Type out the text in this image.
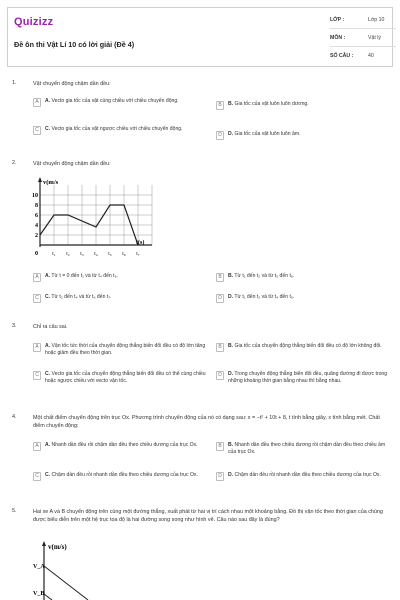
Quizizz
Đề ôn thi Vật Lí 10 có lời giải (Đề 4)
LỚP :	Lớp 10
MÔN :	Vật lý
SỐ CÂU :	40
1.	Vật chuyển động chậm dần đều:
A	A. Vecto gia tốc của vật cùng chiều với chiều chuyển động.
B	B. Gia tốc của vật luôn luôn dương.
C	C. Vecto gia tốc của vật ngược chiều với chiều chuyển động.
D	D. Gia tốc của vật luôn luôn âm.
2.	Vật chuyển động chậm dần đều:
v(m/s
t(s)
10
8
6
4
2
0	t₁ t₂ t₃ t₄ t₅ t₆ t₇
A	A. Từ t = 0 đến t₁ và từ t₄ đến t₅.	B	B. Từ t₁ đến t₂ và từ t₅ đến t₆.
C	C. Từ t₂ đến t₄ và từ t₆ đến t₇.	D	D. Từ t₁ đến t₂ và từ t₄ đến t₅.
3.	Chỉ ra câu sai.
A	A. Vận tốc tức thời của chuyển động thẳng biến đổi đều có độ lớn tăng hoặc giảm đều theo thời gian.
B	B. Gia tốc của chuyển động thẳng biến đổi đều có độ lớn không đổi.
C	C. Vecto gia tốc của chuyển động thẳng biến đổi đều có thể cùng chiều hoặc ngược chiều với vecto vận tốc.
D	D. Trong chuyển động thẳng biến đổi đều, quãng đường đi được trong những khoảng thời gian bằng nhau thì bằng nhau.
4.	Một chất điểm chuyển động trên trục Ox. Phương trình chuyển động của nó có dạng sau: x = −t² + 10t + 8, t tính bằng giây, x tính bằng mét. Chất điểm chuyển động:
A	A. Nhanh dần đều rồi chậm dần đều theo chiều dương của trục Ox.	B	B. Nhanh dần đều theo chiều dương rồi chậm dần đều theo chiều âm của trục Ox.
C	C. Chậm dần đều rồi nhanh dần đều theo chiều dương của trục Ox.	D	D. Chậm dần đều rồi nhanh dần đều theo chiều dương của trục Ox.
5.	Hai xe A và B chuyển động trên cùng một đường thẳng, xuất phát từ hai vị trí cách nhau một khoảng bằng. Đồ thị vận tốc theo thời gian của chúng được biểu diễn trên một hệ trục tọa độ là hai đường song song như hình vẽ. Câu nào sau đây là đúng?
v(m/s)
V_A
V_B
